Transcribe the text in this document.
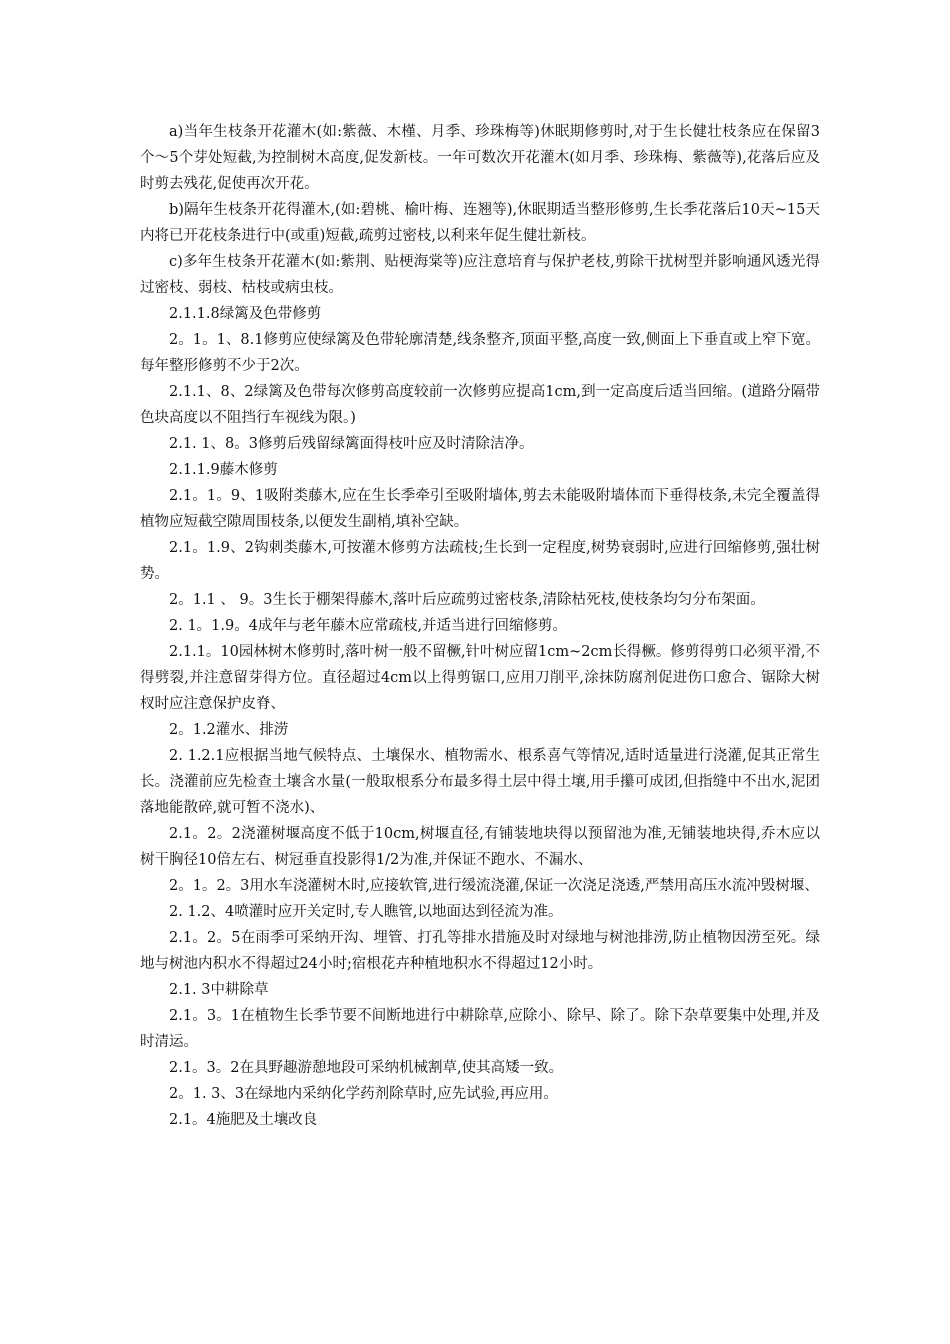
a)当年生枝条开花灌木(如:紫薇、木槿、月季、珍珠梅等)休眠期修剪时,对于生长健壮枝条应在保留3个～5个芽处短截,为控制树木高度,促发新枝。一年可数次开花灌木(如月季、珍珠梅、紫薇等),花落后应及时剪去残花,促使再次开花。

b)隔年生枝条开花得灌木,(如:碧桃、榆叶梅、连翘等),休眠期适当整形修剪,生长季花落后10天~15天内将已开花枝条进行中(或重)短截,疏剪过密枝,以利来年促生健壮新枝。

c)多年生枝条开花灌木(如:紫荆、贴梗海棠等)应注意培育与保护老枝,剪除干扰树型并影响通风透光得过密枝、弱枝、枯枝或病虫枝。

2.1.1.8绿篱及色带修剪

2。1。1、8.1修剪应使绿篱及色带轮廓清楚,线条整齐,顶面平整,高度一致,侧面上下垂直或上窄下宽。每年整形修剪不少于2次。

2.1.1、8、2绿篱及色带每次修剪高度较前一次修剪应提高1cm,到一定高度后适当回缩。(道路分隔带色块高度以不阻挡行车视线为限。)

2.1. 1、8。3修剪后残留绿篱面得枝叶应及时清除洁净。

2.1.1.9藤木修剪

2.1。1。9、1吸附类藤木,应在生长季牵引至吸附墙体,剪去未能吸附墙体而下垂得枝条,未完全覆盖得植物应短截空隙周围枝条,以便发生副梢,填补空缺。

2.1。1.9、2钩刺类藤木,可按灌木修剪方法疏枝;生长到一定程度,树势衰弱时,应进行回缩修剪,强壮树势。

2。1.1 、 9。3生长于棚架得藤木,落叶后应疏剪过密枝条,清除枯死枝,使枝条均匀分布架面。

2. 1。1.9。4成年与老年藤木应常疏枝,并适当进行回缩修剪。

2.1.1。10园林树木修剪时,落叶树一般不留橛,针叶树应留1cm~2cm长得橛。修剪得剪口必须平滑,不得劈裂,并注意留芽得方位。直径超过4cm以上得剪锯口,应用刀削平,涂抹防腐剂促进伤口愈合、锯除大树杈时应注意保护皮脊、

2。1.2灌水、排涝

2. 1.2.1应根据当地气候特点、土壤保水、植物需水、根系喜气等情况,适时适量进行浇灌,促其正常生长。浇灌前应先检查土壤含水量(一般取根系分布最多得土层中得土壤,用手攥可成团,但指缝中不出水,泥团落地能散碎,就可暂不浇水)、

2.1。2。2浇灌树堰高度不低于10cm,树堰直径,有铺装地块得以预留池为准,无铺装地块得,乔木应以树干胸径10倍左右、树冠垂直投影得1/2为准,并保证不跑水、不漏水、

2。1。2。3用水车浇灌树木时,应接软管,进行缓流浇灌,保证一次浇足浇透,严禁用高压水流冲毁树堰、

2. 1.2、4喷灌时应开关定时,专人瞧管,以地面达到径流为准。

2.1。2。5在雨季可采纳开沟、埋管、打孔等排水措施及时对绿地与树池排涝,防止植物因涝至死。绿地与树池内积水不得超过24小时;宿根花卉种植地积水不得超过12小时。

2.1. 3中耕除草

2.1。3。1在植物生长季节要不间断地进行中耕除草,应除小、除早、除了。除下杂草要集中处理,并及时清运。

2.1。3。2在具野趣游憩地段可采纳机械割草,使其高矮一致。

2。1. 3、3在绿地内采纳化学药剂除草时,应先试验,再应用。

2.1。4施肥及土壤改良
